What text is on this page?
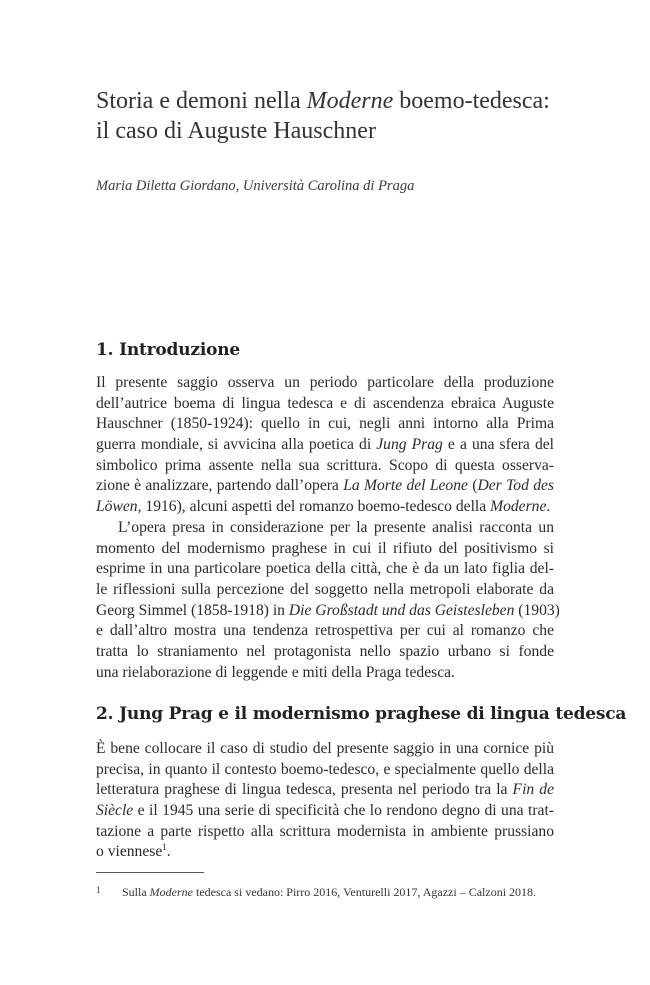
Storia e demoni nella Moderne boemo-tedesca:
il caso di Auguste Hauschner
Maria Diletta Giordano, Università Carolina di Praga
1. Introduzione
Il presente saggio osserva un periodo particolare della produzione
dell’autrice boema di lingua tedesca e di ascendenza ebraica Auguste
Hauschner (1850-1924): quello in cui, negli anni intorno alla Prima
guerra mondiale, si avvicina alla poetica di Jung Prag e a una sfera del
simbolico prima assente nella sua scrittura. Scopo di questa osserva-
zione è analizzare, partendo dall’opera La Morte del Leone (Der Tod des
Löwen, 1916), alcuni aspetti del romanzo boemo-tedesco della Moderne.
L’opera presa in considerazione per la presente analisi racconta un
momento del modernismo praghese in cui il rifiuto del positivismo si
esprime in una particolare poetica della città, che è da un lato figlia del-
le riflessioni sulla percezione del soggetto nella metropoli elaborate da
Georg Simmel (1858-1918) in Die Großstadt und das Geistesleben (1903)
e dall’altro mostra una tendenza retrospettiva per cui al romanzo che
tratta lo straniamento nel protagonista nello spazio urbano si fonde
una rielaborazione di leggende e miti della Praga tedesca.
2. Jung Prag e il modernismo praghese di lingua tedesca
È bene collocare il caso di studio del presente saggio in una cornice più
precisa, in quanto il contesto boemo-tedesco, e specialmente quello della
letteratura praghese di lingua tedesca, presenta nel periodo tra la Fin de
Siècle e il 1945 una serie di specificità che lo rendono degno di una trat-
tazione a parte rispetto alla scrittura modernista in ambiente prussiano
o viennese$^1$.
1 Sulla Moderne tedesca si vedano: Pirro 2016, Venturelli 2017, Agazzi – Calzoni 2018.
